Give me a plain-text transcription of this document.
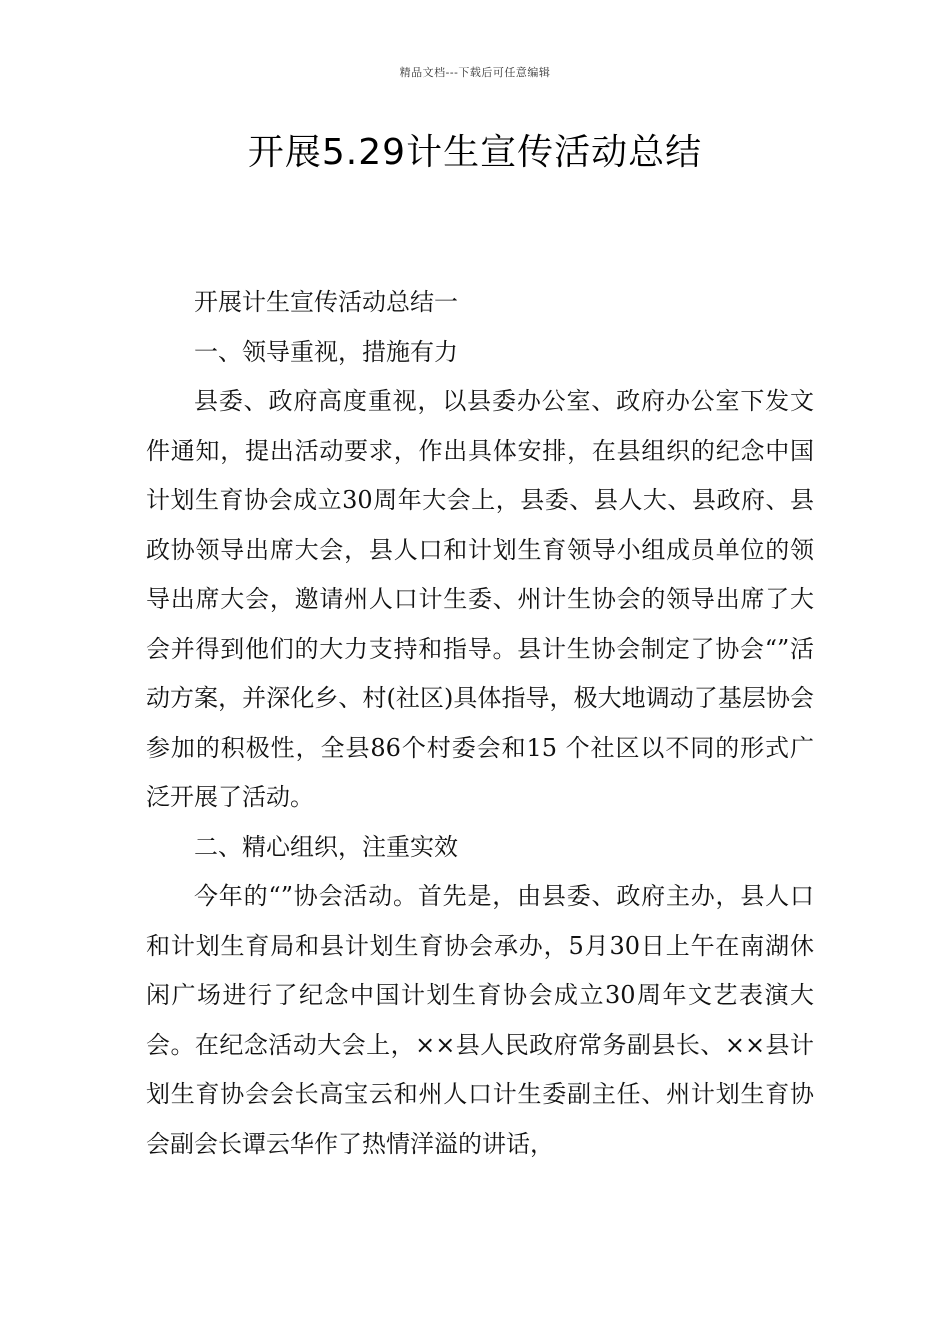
精品文档---下载后可任意编辑
开展5.29计生宣传活动总结

开展计生宣传活动总结一

一、领导重视，措施有力

县委、政府高度重视，以县委办公室、政府办公室下发文件通知，提出活动要求，作出具体安排，在县组织的纪念中国计划生育协会成立30周年大会上，县委、县人大、县政府、县政协领导出席大会，县人口和计划生育领导小组成员单位的领导出席大会，邀请州人口计生委、州计生协会的领导出席了大会并得到他们的大力支持和指导。县计生协会制定了协会“”活动方案，并深化乡、村(社区)具体指导，极大地调动了基层协会参加的积极性，全县86个村委会和15 个社区以不同的形式广泛开展了活动。

二、精心组织，注重实效

今年的“”协会活动。首先是，由县委、政府主办，县人口和计划生育局和县计划生育协会承办，5月30日上午在南湖休闲广场进行了纪念中国计划生育协会成立30周年文艺表演大会。在纪念活动大会上，××县人民政府常务副县长、××县计划生育协会会长高宝云和州人口计生委副主任、州计划生育协会副会长谭云华作了热情洋溢的讲话，
